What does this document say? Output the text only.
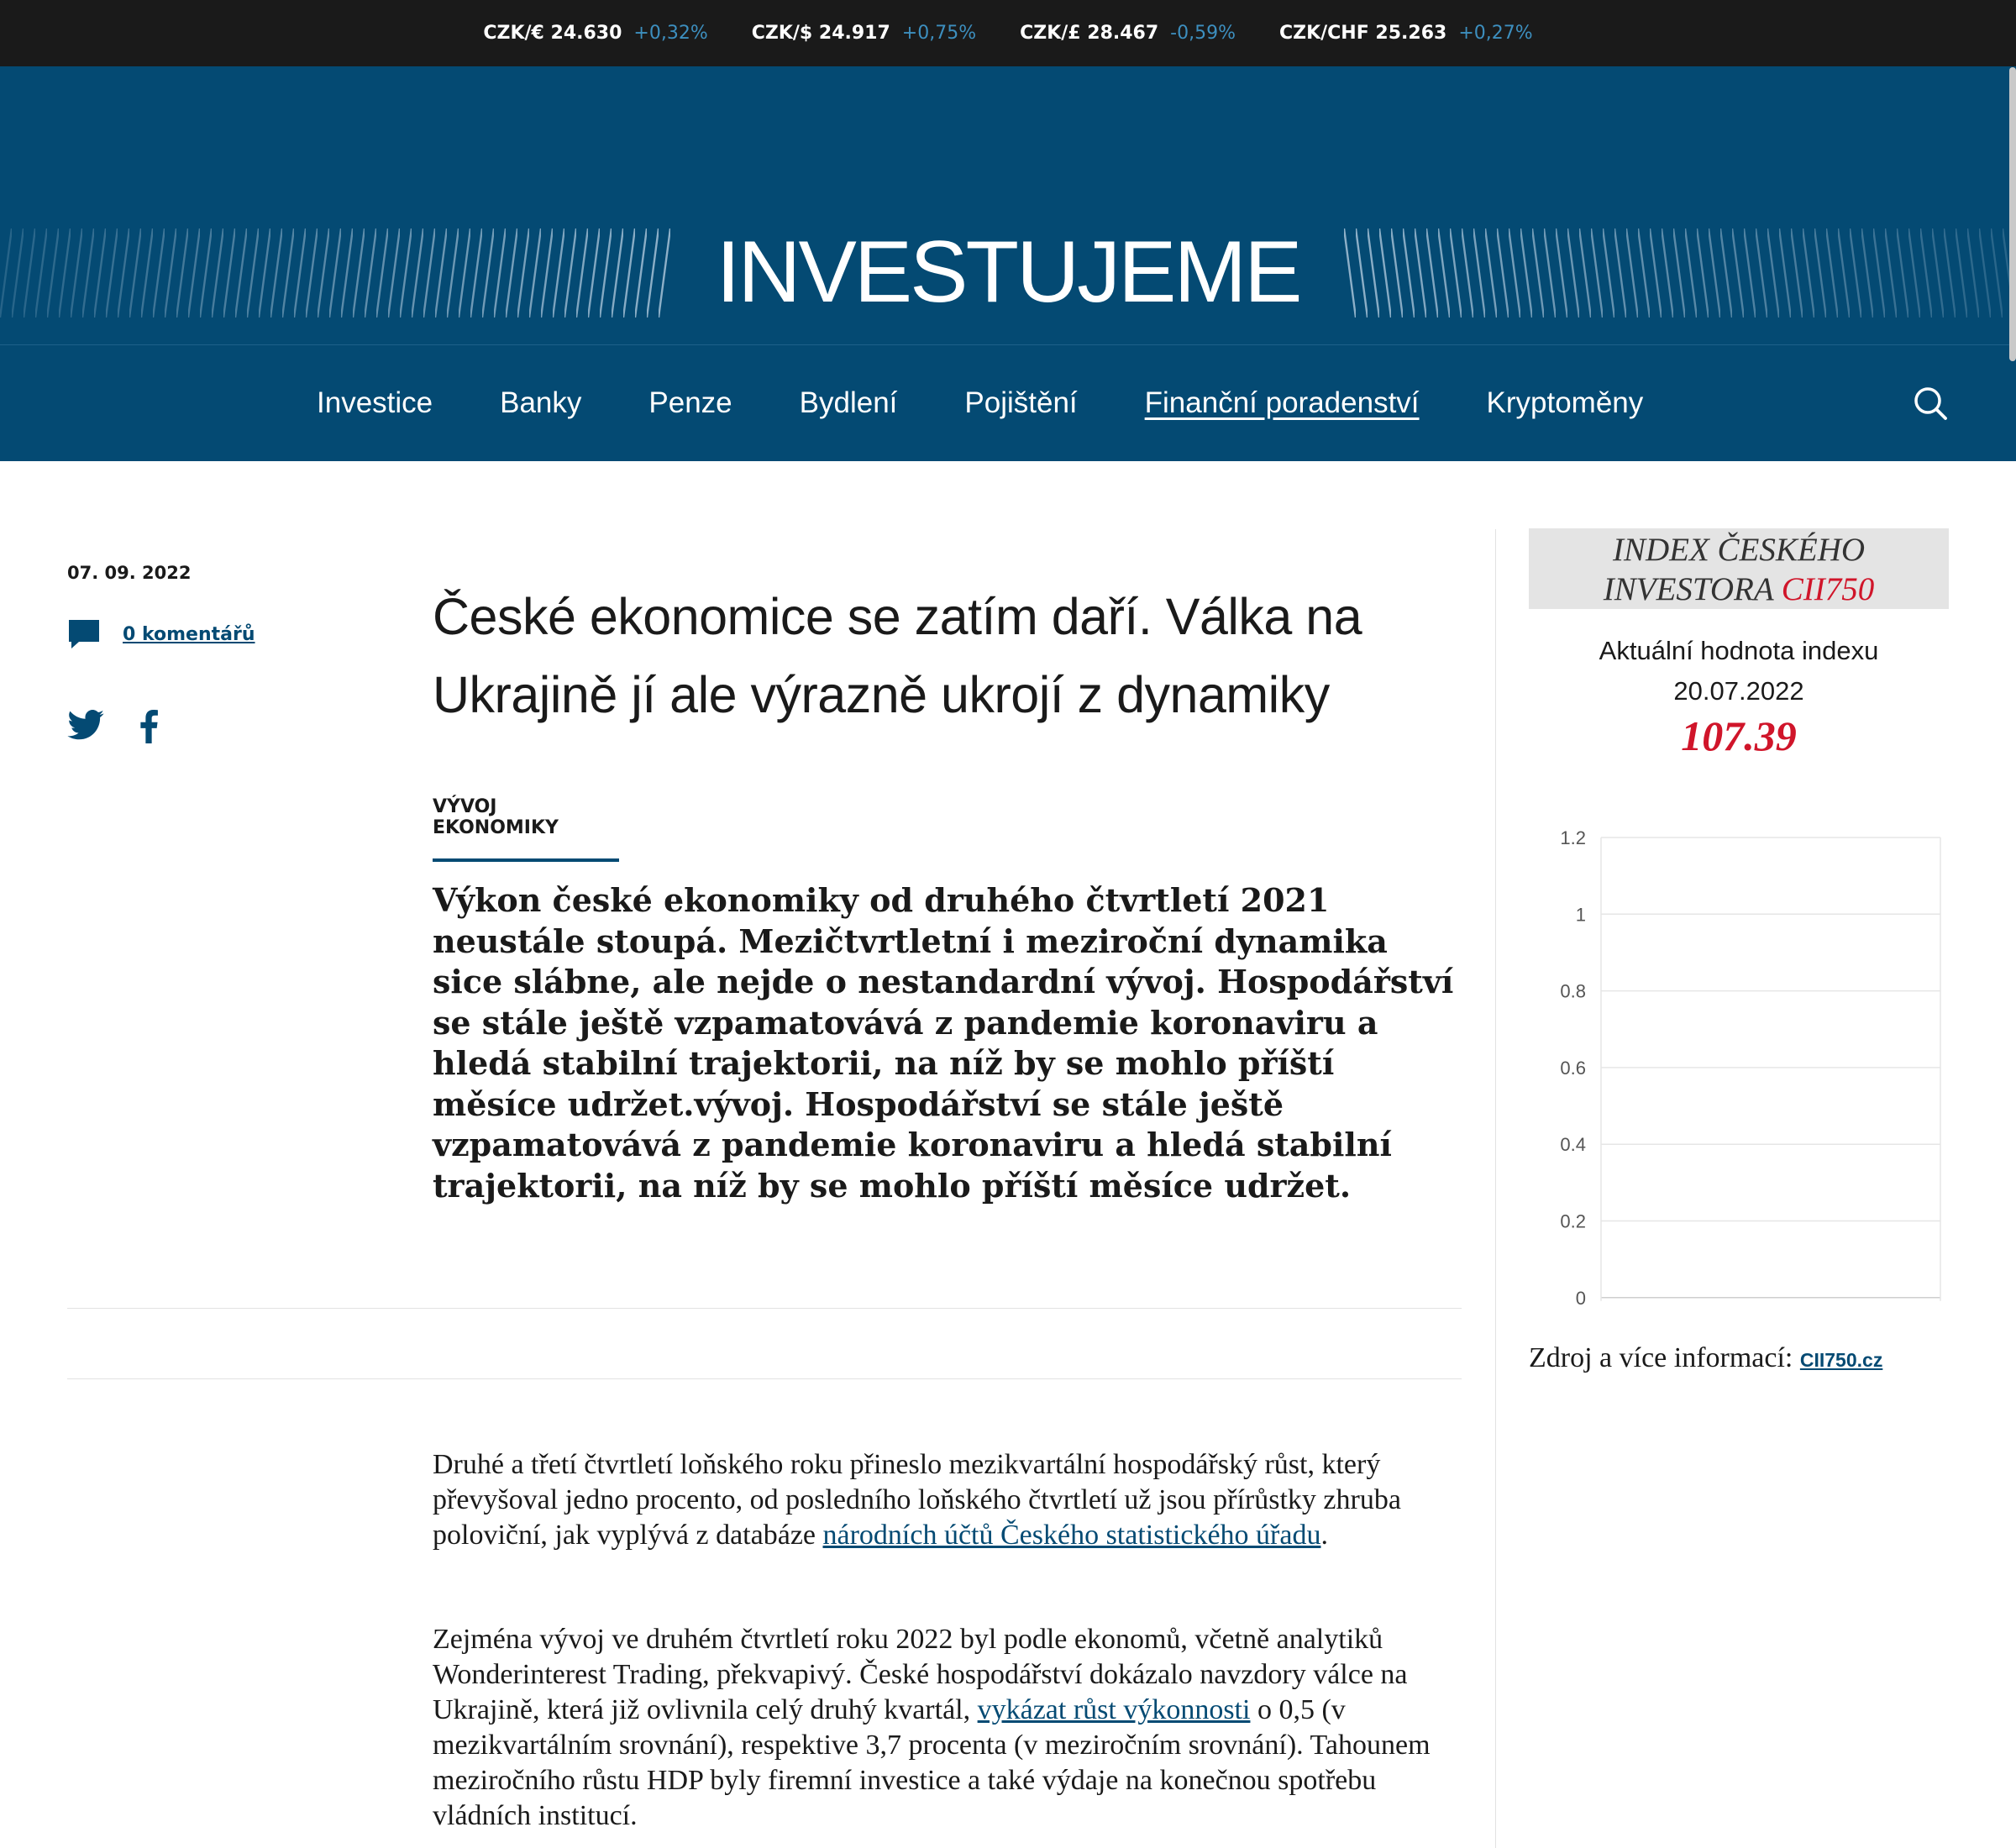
CZK/€ 24.630 +0,32% CZK/$ 24.917 +0,75% CZK/£ 28.467 -0,59% CZK/CHF 25.263 +0,27%
INVESTUJEME
Investice Banky Penze Bydlení Pojištění Finanční poradenství Kryptoměny
07. 09. 2022
0 komentářů	České ekonomice se zatím daří. Válka na Ukrajině jí ale výrazně ukrojí z dynamiky
VÝVOJ EKONOMIKY
Výkon české ekonomiky od druhého čtvrtletí 2021 neustále stoupá. Mezičtvrtletní i meziroční dynamika sice slábne, ale nejde o nestandardní vývoj. Hospodářství se stále ještě vzpamatovává z pandemie koronaviru a hledá stabilní trajektorii, na níž by se mohlo příští měsíce udržet.vývoj. Hospodářství se stále ještě vzpamatovává z pandemie koronaviru a hledá stabilní trajektorii, na níž by se mohlo příští měsíce udržet.

Druhé a třetí čtvrtletí loňského roku přineslo mezikvartální hospodářský růst, který převyšoval jedno procento, od posledního loňského čtvrtletí už jsou přírůstky zhruba poloviční, jak vyplývá z databáze národních účtů Českého statistického úřadu.

Zejména vývoj ve druhém čtvrtletí roku 2022 byl podle ekonomů, včetně analytiků Wonderinterest Trading, překvapivý. České hospodářství dokázalo navzdory válce na Ukrajině, která již ovlivnila celý druhý kvartál, vykázat růst výkonnosti o 0,5 (v mezikvartálním srovnání), respektive 3,7 procenta (v meziročním srovnání). Tahounem meziročního růstu HDP byly firemní investice a také výdaje na konečnou spotřebu vládních institucí.

INDEX ČESKÉHO
INVESTORA CII750
Aktuální hodnota indexu
20.07.2022
107.39
1.2
1
0.8
0.6
0.4
0.2
0
Zdroj a více informací: CII750.cz
